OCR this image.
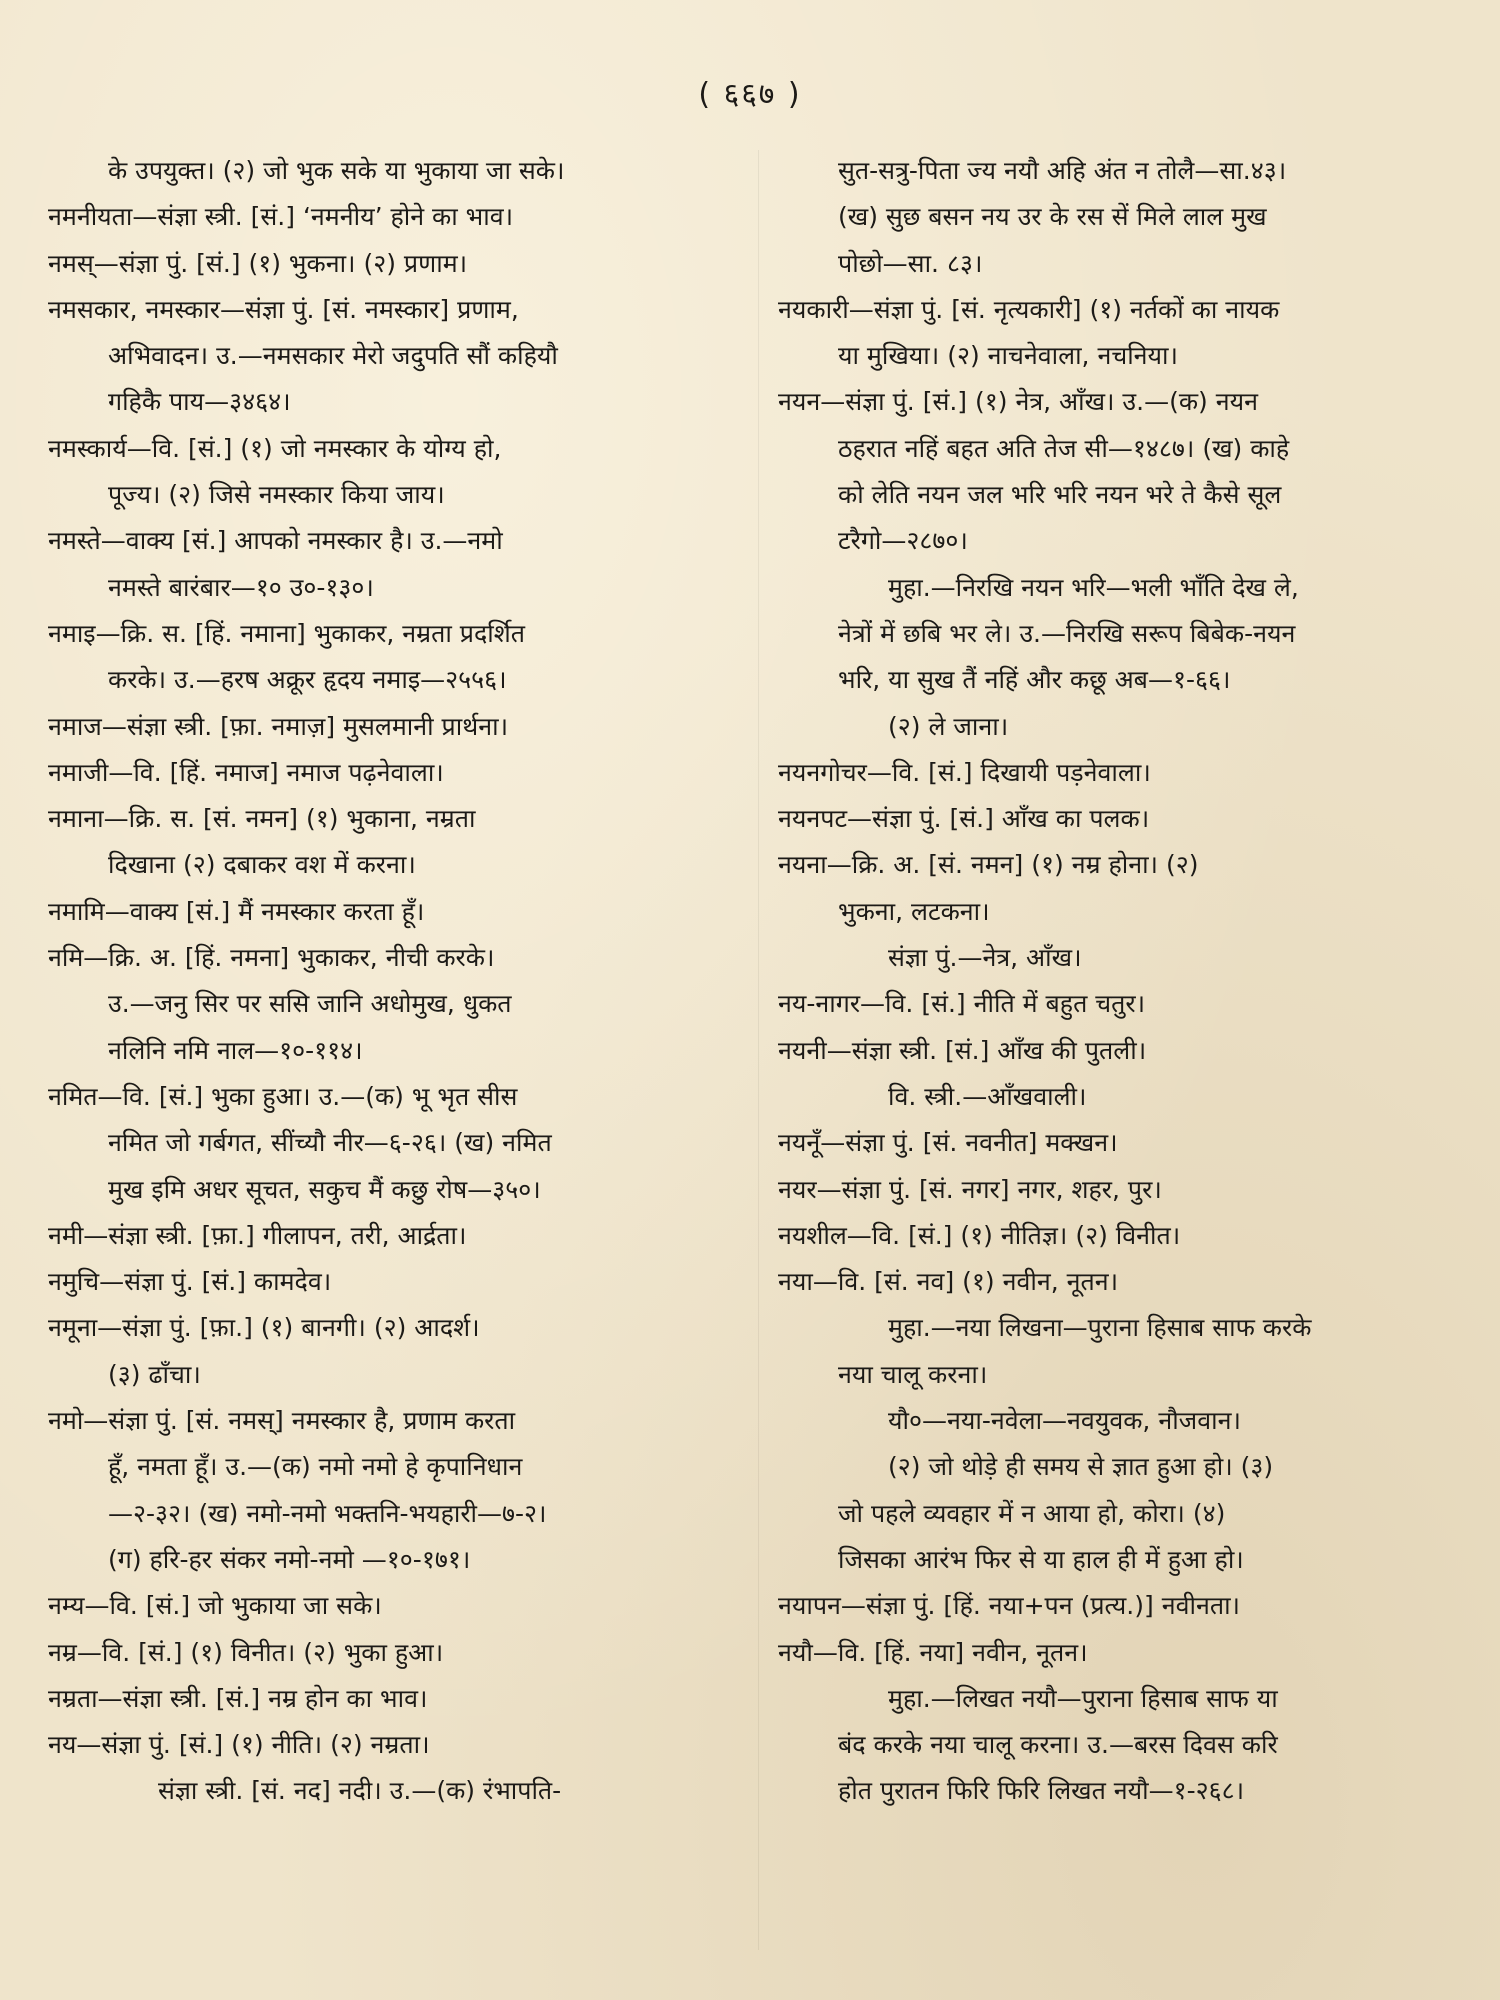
( ६६७ )
के उपयुक्त। (२) जो भुक सके या भुकाया जा सके।
नमनीयता—संज्ञा स्त्री. [सं.] ‘नमनीय’ होने का भाव।
नमस्—संज्ञा पुं. [सं.] (१) भुकना। (२) प्रणाम।
नमसकार, नमस्कार—संज्ञा पुं. [सं. नमस्कार] प्रणाम,
अभिवादन। उ.—नमसकार मेरो जदुपति सौं कहियौ
गहिकै पाय—३४६४।
नमस्कार्य—वि. [सं.] (१) जो नमस्कार के योग्य हो,
पूज्य। (२) जिसे नमस्कार किया जाय।
नमस्ते—वाक्य [सं.] आपको नमस्कार है। उ.—नमो
नमस्ते बारंबार—१० उ०-१३०।
नमाइ—क्रि. स. [हिं. नमाना] भुकाकर, नम्रता प्रदर्शित
करके। उ.—हरष अक्रूर हृदय नमाइ—२५५६।
नमाज—संज्ञा स्त्री. [फ़ा. नमाज़] मुसलमानी प्रार्थना।
नमाजी—वि. [हिं. नमाज] नमाज पढ़नेवाला।
नमाना—क्रि. स. [सं. नमन] (१) भुकाना, नम्रता
दिखाना (२) दबाकर वश में करना।
नमामि—वाक्य [सं.] मैं नमस्कार करता हूँ।
नमि—क्रि. अ. [हिं. नमना] भुकाकर, नीची करके।
उ.—जनु सिर पर ससि जानि अधोमुख, धुकत
नलिनि नमि नाल—१०-११४।
नमित—वि. [सं.] भुका हुआ। उ.—(क) भू भृत सीस
नमित जो गर्बगत, सींच्यौ नीर—६-२६। (ख) नमित
मुख इमि अधर सूचत, सकुच मैं कछु रोष—३५०।
नमी—संज्ञा स्त्री. [फ़ा.] गीलापन, तरी, आर्द्रता।
नमुचि—संज्ञा पुं. [सं.] कामदेव।
नमूना—संज्ञा पुं. [फ़ा.] (१) बानगी। (२) आदर्श।
(३) ढाँचा।
नमो—संज्ञा पुं. [सं. नमस्] नमस्कार है, प्रणाम करता
हूँ, नमता हूँ। उ.—(क) नमो नमो हे कृपानिधान
—२-३२। (ख) नमो-नमो भक्तनि-भयहारी—७-२।
(ग) हरि-हर संकर नमो-नमो —१०-१७१।
नम्य—वि. [सं.] जो भुकाया जा सके।
नम्र—वि. [सं.] (१) विनीत। (२) भुका हुआ।
नम्रता—संज्ञा स्त्री. [सं.] नम्र होन का भाव।
नय—संज्ञा पुं. [सं.] (१) नीति। (२) नम्रता।
संज्ञा स्त्री. [सं. नद] नदी। उ.—(क) रंभापति-
सुत-सत्रु-पिता ज्य नयौ अहि अंत न तोलै—सा.४३।
(ख) सुछ बसन नय उर के रस सें मिले लाल मुख
पोछो—सा. ८३।
नयकारी—संज्ञा पुं. [सं. नृत्यकारी] (१) नर्तकों का नायक
या मुखिया। (२) नाचनेवाला, नचनिया।
नयन—संज्ञा पुं. [सं.] (१) नेत्र, आँख। उ.—(क) नयन
ठहरात नहिं बहत अति तेज सी—१४८७। (ख) काहे
को लेति नयन जल भरि भरि नयन भरे ते कैसे सूल
टरैगो—२८७०।
मुहा.—निरखि नयन भरि—भली भाँति देख ले,
नेत्रों में छबि भर ले। उ.—निरखि सरूप बिबेक-नयन
भरि, या सुख तैं नहिं और कछू अब—१-६६।
(२) ले जाना।
नयनगोचर—वि. [सं.] दिखायी पड़नेवाला।
नयनपट—संज्ञा पुं. [सं.] आँख का पलक।
नयना—क्रि. अ. [सं. नमन] (१) नम्र होना। (२)
भुकना, लटकना।
संज्ञा पुं.—नेत्र, आँख।
नय-नागर—वि. [सं.] नीति में बहुत चतुर।
नयनी—संज्ञा स्त्री. [सं.] आँख की पुतली।
वि. स्त्री.—आँखवाली।
नयनूँ—संज्ञा पुं. [सं. नवनीत] मक्खन।
नयर—संज्ञा पुं. [सं. नगर] नगर, शहर, पुर।
नयशील—वि. [सं.] (१) नीतिज्ञ। (२) विनीत।
नया—वि. [सं. नव] (१) नवीन, नूतन।
मुहा.—नया लिखना—पुराना हिसाब साफ करके
नया चालू करना।
यौ०—नया-नवेला—नवयुवक, नौजवान।
(२) जो थोड़े ही समय से ज्ञात हुआ हो। (३)
जो पहले व्यवहार में न आया हो, कोरा। (४)
जिसका आरंभ फिर से या हाल ही में हुआ हो।
नयापन—संज्ञा पुं. [हिं. नया+पन (प्रत्य.)] नवीनता।
नयौ—वि. [हिं. नया] नवीन, नूतन।
मुहा.—लिखत नयौ—पुराना हिसाब साफ या
बंद करके नया चालू करना। उ.—बरस दिवस करि
होत पुरातन फिरि फिरि लिखत नयौ—१-२६८।
